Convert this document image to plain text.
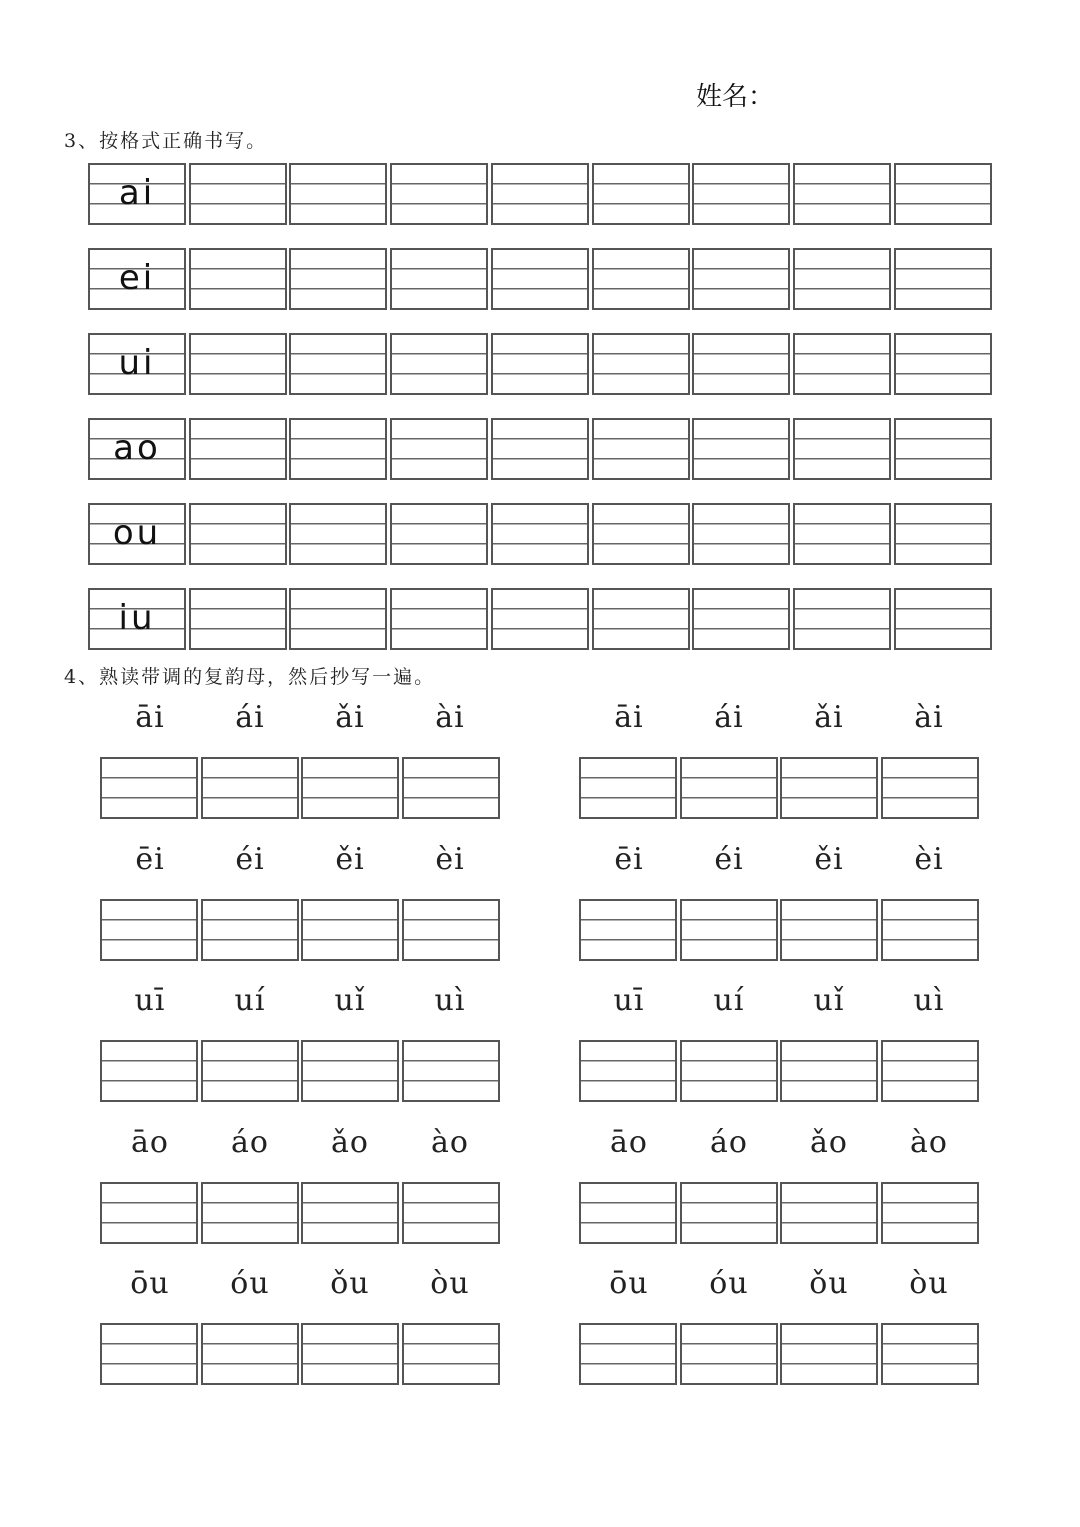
姓名：
3、按格式正确书写。
4、熟读带调的复韵母，然后抄写一遍。
ai
ei
ui
ao
ou
iu
āi	ái	ǎi	ài	āi	ái	ǎi	ài
ēi	éi	ěi	èi	ēi	éi	ěi	èi
uī	uí	uǐ	uì	uī	uí	uǐ	uì
āo	áo	ǎo	ào	āo	áo	ǎo	ào
ōu	óu	ǒu	òu	ōu	óu	ǒu	òu
